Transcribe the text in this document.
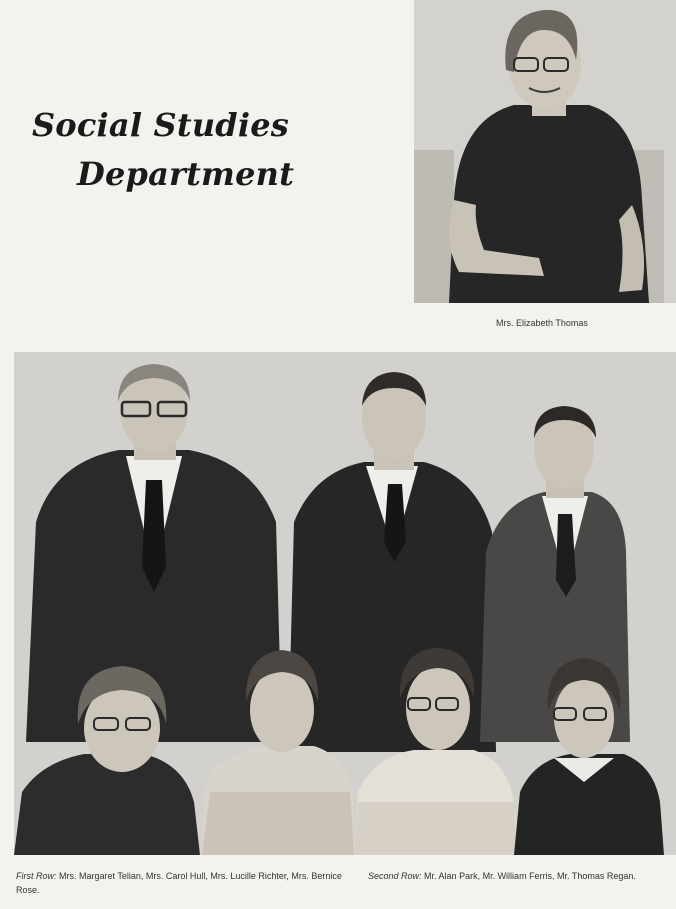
Social Studies
Department
Mrs. Elizabeth Thomas
First Row: Mrs. Margaret Telian, Mrs. Carol Hull, Mrs. Lucille Richter, Mrs. Bernice Rose.
Second Row: Mr. Alan Park, Mr. William Ferris, Mr. Thomas Regan.
